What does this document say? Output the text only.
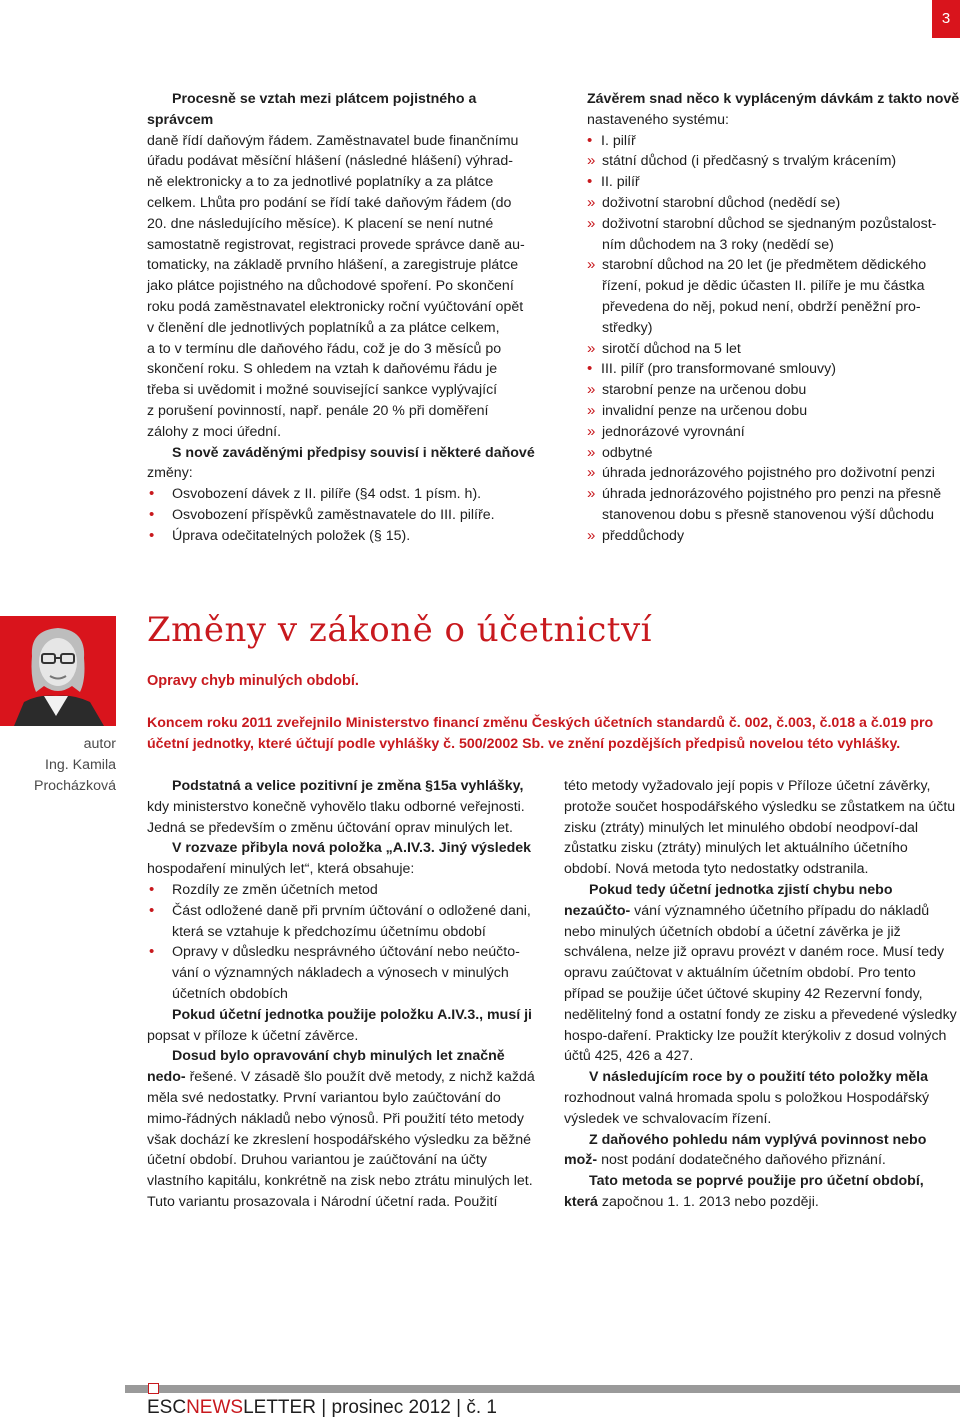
3

Procesně se vztah mezi plátcem pojistného a správcem
daně řídí daňovým řádem. Zaměstnavatel bude finančnímu
úřadu podávat měsíční hlášení (následné hlášení) výhrad-
ně elektronicky a to za jednotlivé poplatníky a za plátce
celkem. Lhůta pro podání se řídí také daňovým řádem (do
20. dne následujícího měsíce). K placení se není nutné
samostatně registrovat, registraci provede správce daně au-
tomaticky, na základě prvního hlášení, a zaregistruje plátce
jako plátce pojistného na důchodové spoření. Po skončení
roku podá zaměstnavatel elektronicky roční vyúčtování opět
v členění dle jednotlivých poplatníků a za plátce celkem,
a to v termínu dle daňového řádu, což je do 3 měsíců po
skončení roku. S ohledem na vztah k daňovému řádu je
třeba si uvědomit i možné související sankce vyplývající
z porušení povinností, např. penále 20 % při doměření
zálohy z moci úřední.

S nově zaváděnými předpisy souvisí i některé daňové
změny:

• Osvobození dávek z II. pilíře (§4 odst. 1 písm. h).
• Osvobození příspěvků zaměstnavatele do III. pilíře.
• Úprava odečitatelných položek (§ 15).

Závěrem snad něco k vypláceným dávkám z takto nově
nastaveného systému:

• I. pilíř
» státní důchod (i předčasný s trvalým krácením)
• II. pilíř
» doživotní starobní důchod (nedědí se)
» doživotní starobní důchod se sjednaným pozůstalost-ním důchodem na 3 roky (nedědí se)
» starobní důchod na 20 let (je předmětem dědického řízení, pokud je dědic účasten II. pilíře je mu částka převedena do něj, pokud není, obdrží peněžní pro-středky)
» sirotčí důchod na 5 let
• III. pilíř (pro transformované smlouvy)
» starobní penze na určenou dobu
» invalidní penze na určenou dobu
» jednorázové vyrovnání
» odbytné
» úhrada jednorázového pojistného pro doživotní penzi
» úhrada jednorázového pojistného pro penzi na přesně stanovenou dobu s přesně stanovenou výší důchodu
» předdůchody
autor
Ing. Kamila
Procházková
Změny v zákoně o účetnictví
Opravy chyb minulých období.
Koncem roku 2011 zveřejnilo Ministerstvo financí změnu Českých účetních standardů č. 002, č.003, č.018 a č.019 pro účetní jednotky, které účtují podle vyhlášky č. 500/2002 Sb. ve znění pozdějších předpisů novelou této vyhlášky.

Podstatná a velice pozitivní je změna §15a vyhlášky, kdy ministerstvo konečně vyhovělo tlaku odborné veřejnosti. Jedná se především o změnu účtování oprav minulých let.

V rozvaze přibyla nová položka „A.IV.3. Jiný výsledek hospodaření minulých let“, která obsahuje:

• Rozdíly ze změn účetních metod
• Část odložené daně při prvním účtování o odložené dani, která se vztahuje k předchozímu účetnímu období
• Opravy v důsledku nesprávného účtování nebo neúčto-vání o významných nákladech a výnosech v minulých účetních obdobích

Pokud účetní jednotka použije položku A.IV.3., musí ji popsat v příloze k účetní závěrce.

Dosud bylo opravování chyb minulých let značně nedo- řešené. V zásadě šlo použít dvě metody, z nichž každá měla své nedostatky. První variantou bylo zaúčtování do mimo-řádných nákladů nebo výnosů. Při použití této metody však dochází ke zkreslení hospodářského výsledku za běžné účetní období. Druhou variantou je zaúčtování na účty vlastního kapitálu, konkrétně na zisk nebo ztrátu minulých let. Tuto variantu prosazovala i Národní účetní rada. Použití

této metody vyžadovalo její popis v Příloze účetní závěrky, protože součet hospodářského výsledku se zůstatkem na účtu zisku (ztráty) minulých let minulého období neodpoví-dal zůstatku zisku (ztráty) minulých let aktuálního účetního období. Nová metoda tyto nedostatky odstranila.

Pokud tedy účetní jednotka zjistí chybu nebo nezaúčto- vání významného účetního případu do nákladů nebo minulých účetních období a účetní závěrka je již schválena, nelze již opravu provézt v daném roce. Musí tedy opravu zaúčtovat v aktuálním účetním období. Pro tento případ se použije účet účtové skupiny 42 Rezervní fondy, nedělitelný fond a ostatní fondy ze zisku a převedené výsledky hospo-daření. Prakticky lze použít kterýkoliv z dosud volných účtů 425, 426 a 427.

V následujícím roce by o použití této položky měla rozhodnout valná hromada spolu s položkou Hospodářský výsledek ve schvalovacím řízení.

Z daňového pohledu nám vyplývá povinnost nebo mož- nost podání dodatečného daňového přiznání.

Tato metoda se poprvé použije pro účetní období, která započnou 1. 1. 2013 nebo později.

ESCNEWSLETTER | prosinec 2012 | č. 1
